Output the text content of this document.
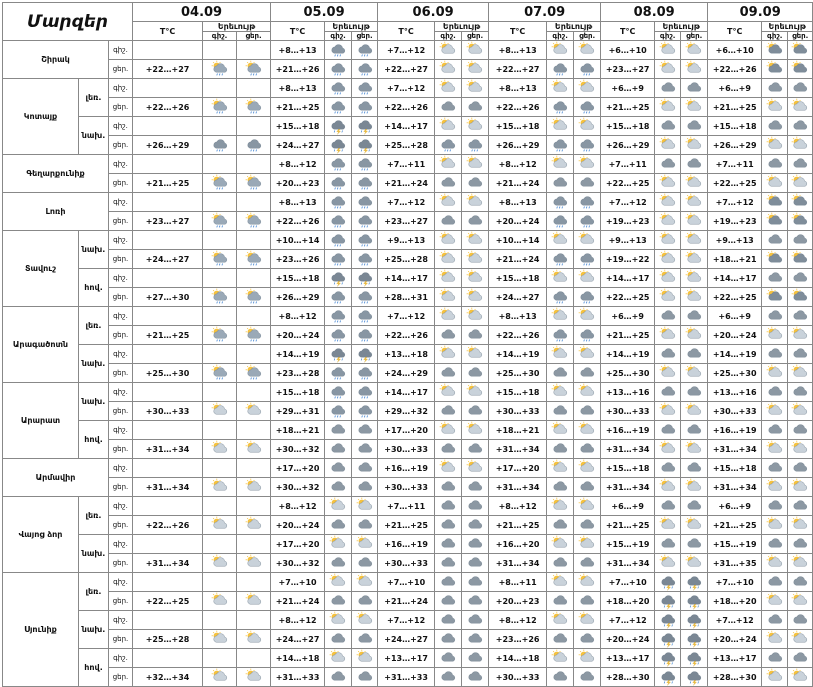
Մարզեր			04.09			05.09			06.09			07.09			08.09			09.09		
			T°C	Երեւույթ		T°C	Երեւույթ		T°C	Երեւույթ		T°C	Երեւույթ		T°C	Երեւույթ		T°C	Երեւույթ	
				գիշ.	ցեր.		գիշ.	ցեր.		գիշ.	ցեր.		գիշ.	ցեր.		գիշ.	ցեր.		գիշ.	ցեր.
Շիրակ		գիշ.				+8…+13			+7…+12			+8…+13			+6…+10			+6…+10	

		ցեր.	+22…+27			+21…+26			+22…+27			+22…+27			+23…+27			+22…+26	

Կոտայք	լեռ.	գիշ.				+8…+13			+7…+12			+8…+13			+6…+9			+6…+9	

		ցեր.	+22…+26			+21…+25			+22…+26			+22…+26			+21…+25			+21…+25	

	նախ.	գիշ.				+15…+18			+14…+17			+15…+18			+15…+18			+15…+18	

		ցեր.	+26…+29			+24…+27			+25…+28			+26…+29			+26…+29			+26…+29	

Գեղարքունիք		գիշ.				+8…+12			+7…+11			+8…+12			+7…+11			+7…+11	

		ցեր.	+21…+25			+20…+23			+21…+24			+21…+24			+22…+25			+22…+25	

Լոռի		գիշ.				+8…+13			+7…+12			+8…+13			+7…+12			+7…+12	

		ցեր.	+23…+27			+22…+26			+23…+27			+20…+24			+19…+23			+19…+23	

Տավուշ	նախ.	գիշ.				+10…+14			+9…+13			+10…+14			+9…+13			+9…+13	

		ցեր.	+24…+27			+23…+26			+25…+28			+21…+24			+19…+22			+18…+21	

	հով.	գիշ.				+15…+18			+14…+17			+15…+18			+14…+17			+14…+17	

		ցեր.	+27…+30			+26…+29			+28…+31			+24…+27			+22…+25			+22…+25	

Արագածոտն	լեռ.	գիշ.				+8…+12			+7…+12			+8…+13			+6…+9			+6…+9	

		ցեր.	+21…+25			+20…+24			+22…+26			+22…+26			+21…+25			+20…+24	

	նախ.	գիշ.				+14…+19			+13…+18			+14…+19			+14…+19			+14…+19	

		ցեր.	+25…+30			+23…+28			+24…+29			+25…+30			+25…+30			+25…+30	

Արարատ	նախ.	գիշ.				+15…+18			+14…+17			+15…+18			+13…+16			+13…+16	

		ցեր.	+30…+33			+29…+31			+29…+32			+30…+33			+30…+33			+30…+33	

	հով.	գիշ.				+18…+21			+17…+20			+18…+21			+16…+19			+16…+19	

		ցեր.	+31…+34			+30…+32			+30…+33			+31…+34			+31…+34			+31…+34	

Արմավիր		գիշ.				+17…+20			+16…+19			+17…+20			+15…+18			+15…+18	

		ցեր.	+31…+34			+30…+32			+30…+33			+31…+34			+31…+34			+31…+34	

Վայոց ձոր	լեռ.	գիշ.				+8…+12			+7…+11			+8…+12			+6…+9			+6…+9	

		ցեր.	+22…+26			+20…+24			+21…+25			+21…+25			+21…+25			+21…+25	

	նախ.	գիշ.				+17…+20			+16…+19			+16…+20			+15…+19			+15…+19	

		ցեր.	+31…+34			+30…+32			+30…+33			+31…+34			+31…+34			+31…+35	

Սյունիք	լեռ.	գիշ.				+7…+10			+7…+10			+8…+11			+7…+10			+7…+10	

		ցեր.	+22…+25			+21…+24			+21…+24			+20…+23			+18…+20			+18…+20	

	նախ.	գիշ.				+8…+12			+7…+12			+8…+12			+7…+12			+7…+12	

		ցեր.	+25…+28			+24…+27			+24…+27			+23…+26			+20…+24			+20…+24	

	հով.	գիշ.				+14…+18			+13…+17			+14…+18			+13…+17			+13…+17	

		ցեր.	+32…+34			+31…+33			+31…+33			+30…+33			+28…+30			+28…+30	
